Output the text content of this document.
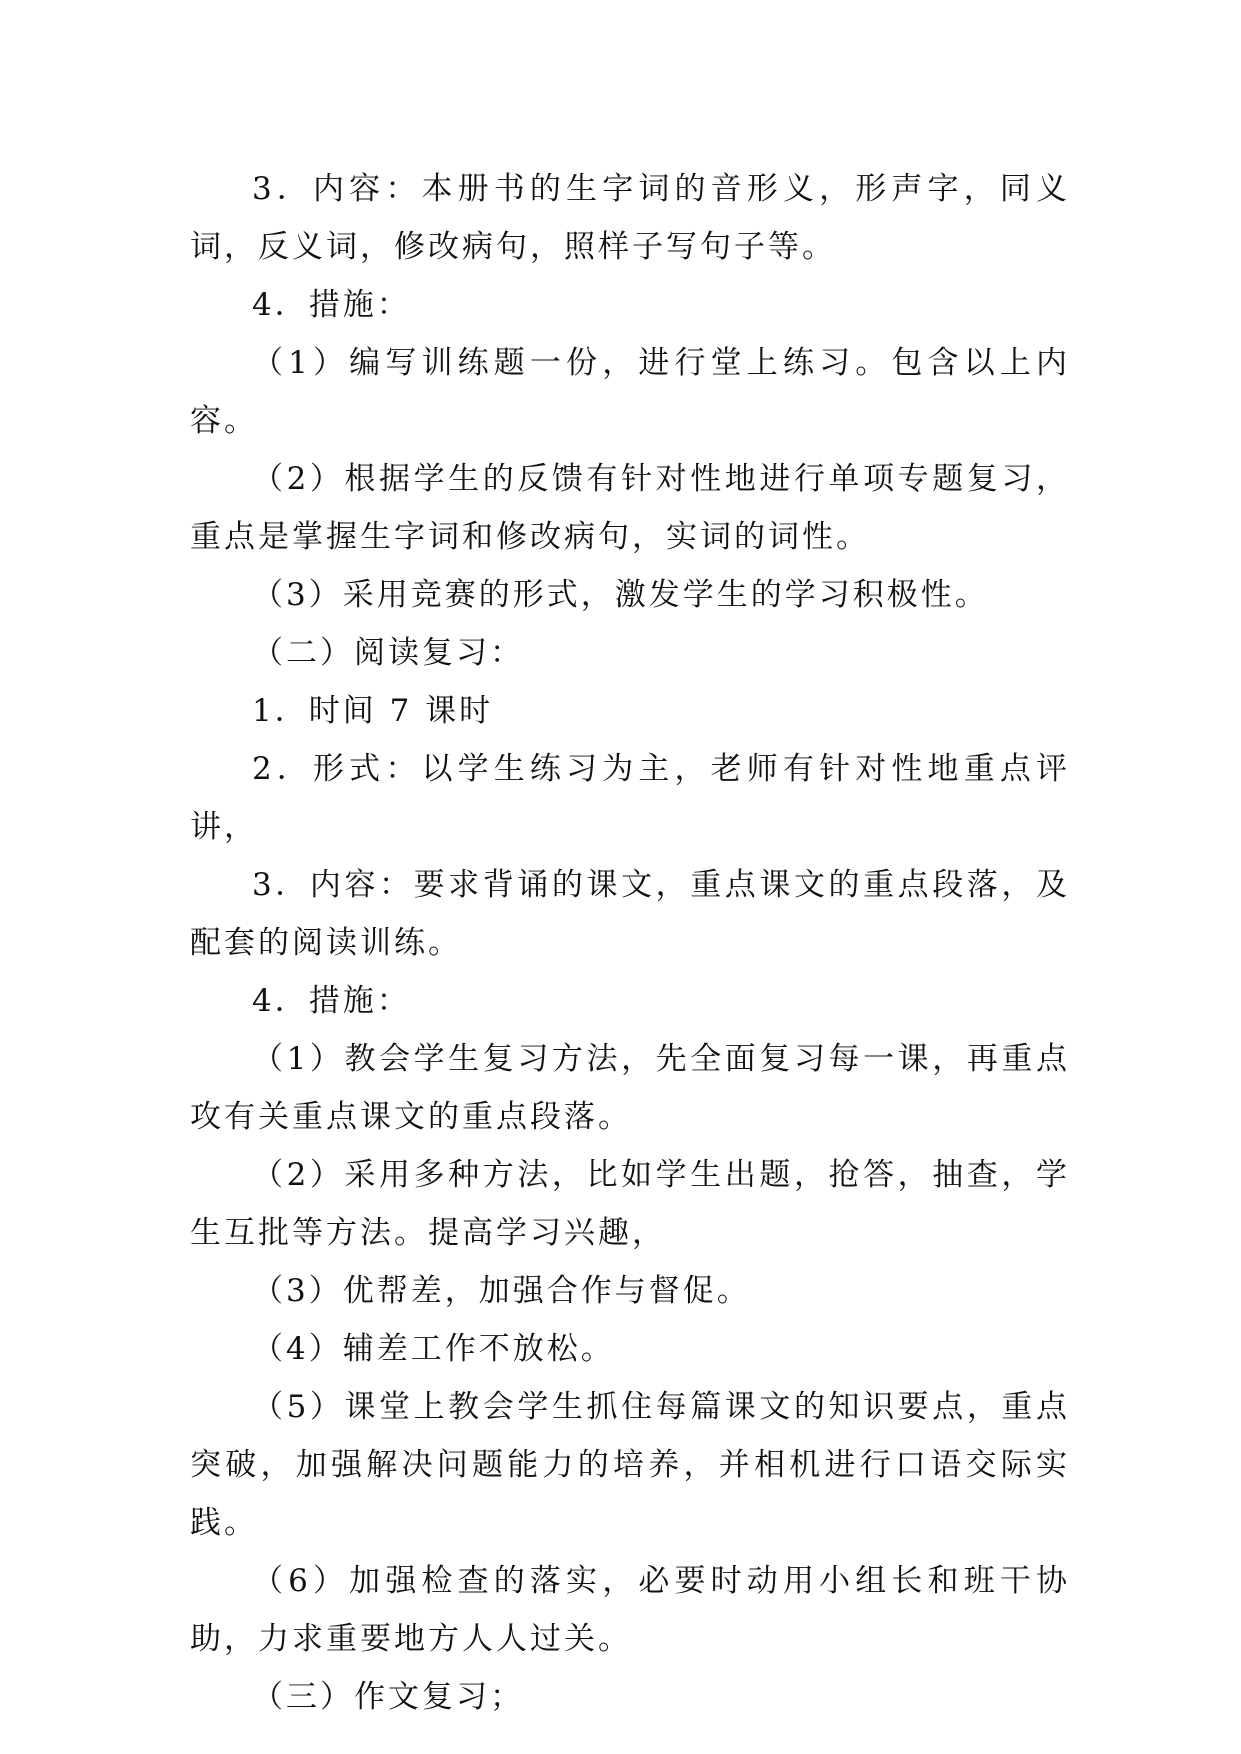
3．内容：本册书的生字词的音形义，形声字，同义词，反义词，修改病句，照样子写句子等。

4．措施：

（1）编写训练题一份，进行堂上练习。包含以上内容。

（2）根据学生的反馈有针对性地进行单项专题复习，重点是掌握生字词和修改病句，实词的词性。

（3）采用竞赛的形式，激发学生的学习积极性。

（二）阅读复习：

1．时间 7 课时

2．形式：以学生练习为主，老师有针对性地重点评讲，

3．内容：要求背诵的课文，重点课文的重点段落，及配套的阅读训练。

4．措施：

（1）教会学生复习方法，先全面复习每一课，再重点攻有关重点课文的重点段落。

（2）采用多种方法，比如学生出题，抢答，抽查，学生互批等方法。提高学习兴趣，

（3）优帮差，加强合作与督促。

（4）辅差工作不放松。

（5）课堂上教会学生抓住每篇课文的知识要点，重点突破，加强解决问题能力的培养，并相机进行口语交际实践。

（6）加强检查的落实，必要时动用小组长和班干协助，力求重要地方人人过关。

（三）作文复习；
